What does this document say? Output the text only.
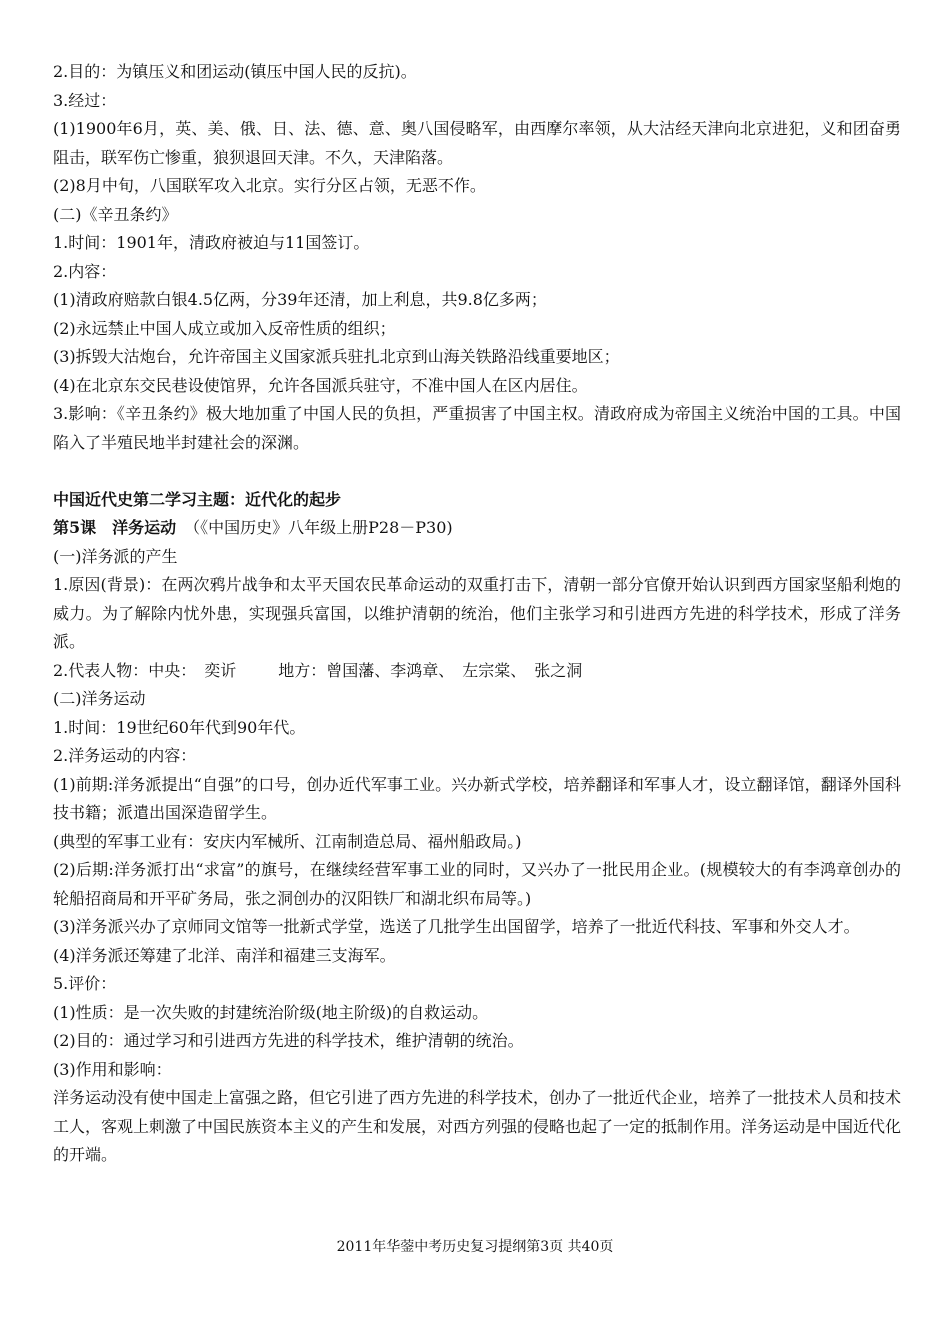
2.目的：为镇压义和团运动(镇压中国人民的反抗)。
3.经过：
(1)1900年6月，英、美、俄、日、法、德、意、奥八国侵略军，由西摩尔率领，从大沽经天津向北京进犯，义和团奋勇阻击，联军伤亡惨重，狼狈退回天津。不久，天津陷落。
(2)8月中旬，八国联军攻入北京。实行分区占领，无恶不作。
(二)《辛丑条约》
1.时间：1901年，清政府被迫与11国签订。
2.内容：
(1)清政府赔款白银4.5亿两，分39年还清，加上利息，共9.8亿多两；
(2)永远禁止中国人成立或加入反帝性质的组织；
(3)拆毁大沽炮台，允许帝国主义国家派兵驻扎北京到山海关铁路沿线重要地区；
(4)在北京东交民巷设使馆界，允许各国派兵驻守，不准中国人在区内居住。
3.影响：《辛丑条约》极大地加重了中国人民的负担，严重损害了中国主权。清政府成为帝国主义统治中国的工具。中国陷入了半殖民地半封建社会的深渊。
中国近代史第二学习主题：近代化的起步
第5课　洋务运动　（《中国历史》八年级上册P28－P30)
(一)洋务派的产生
1.原因(背景)：在两次鸦片战争和太平天国农民革命运动的双重打击下，清朝一部分官僚开始认识到西方国家坚船利炮的威力。为了解除内忧外患，实现强兵富国，以维护清朝的统治，他们主张学习和引进西方先进的科学技术，形成了洋务派。
2.代表人物：中央：　奕䜣	地方：曾国藩、李鸿章、　左宗棠、　张之洞
(二)洋务运动
1.时间：19世纪60年代到90年代。
2.洋务运动的内容：
(1)前期:洋务派提出“自强”的口号，创办近代军事工业。兴办新式学校，培养翻译和军事人才，设立翻译馆，翻译外国科技书籍；派遣出国深造留学生。
(典型的军事工业有：安庆内军械所、江南制造总局、福州船政局。)
(2)后期:洋务派打出“求富”的旗号，在继续经营军事工业的同时，又兴办了一批民用企业。(规模较大的有李鸿章创办的轮船招商局和开平矿务局，张之洞创办的汉阳铁厂和湖北织布局等。)
(3)洋务派兴办了京师同文馆等一批新式学堂，选送了几批学生出国留学，培养了一批近代科技、军事和外交人才。
(4)洋务派还筹建了北洋、南洋和福建三支海军。
5.评价：
(1)性质：是一次失败的封建统治阶级(地主阶级)的自救运动。
(2)目的：通过学习和引进西方先进的科学技术，维护清朝的统治。
(3)作用和影响：
洋务运动没有使中国走上富强之路，但它引进了西方先进的科学技术，创办了一批近代企业，培养了一批技术人员和技术工人，客观上刺激了中国民族资本主义的产生和发展，对西方列强的侵略也起了一定的抵制作用。洋务运动是中国近代化的开端。
2011年华蓥中考历史复习提纲第3页 共40页
